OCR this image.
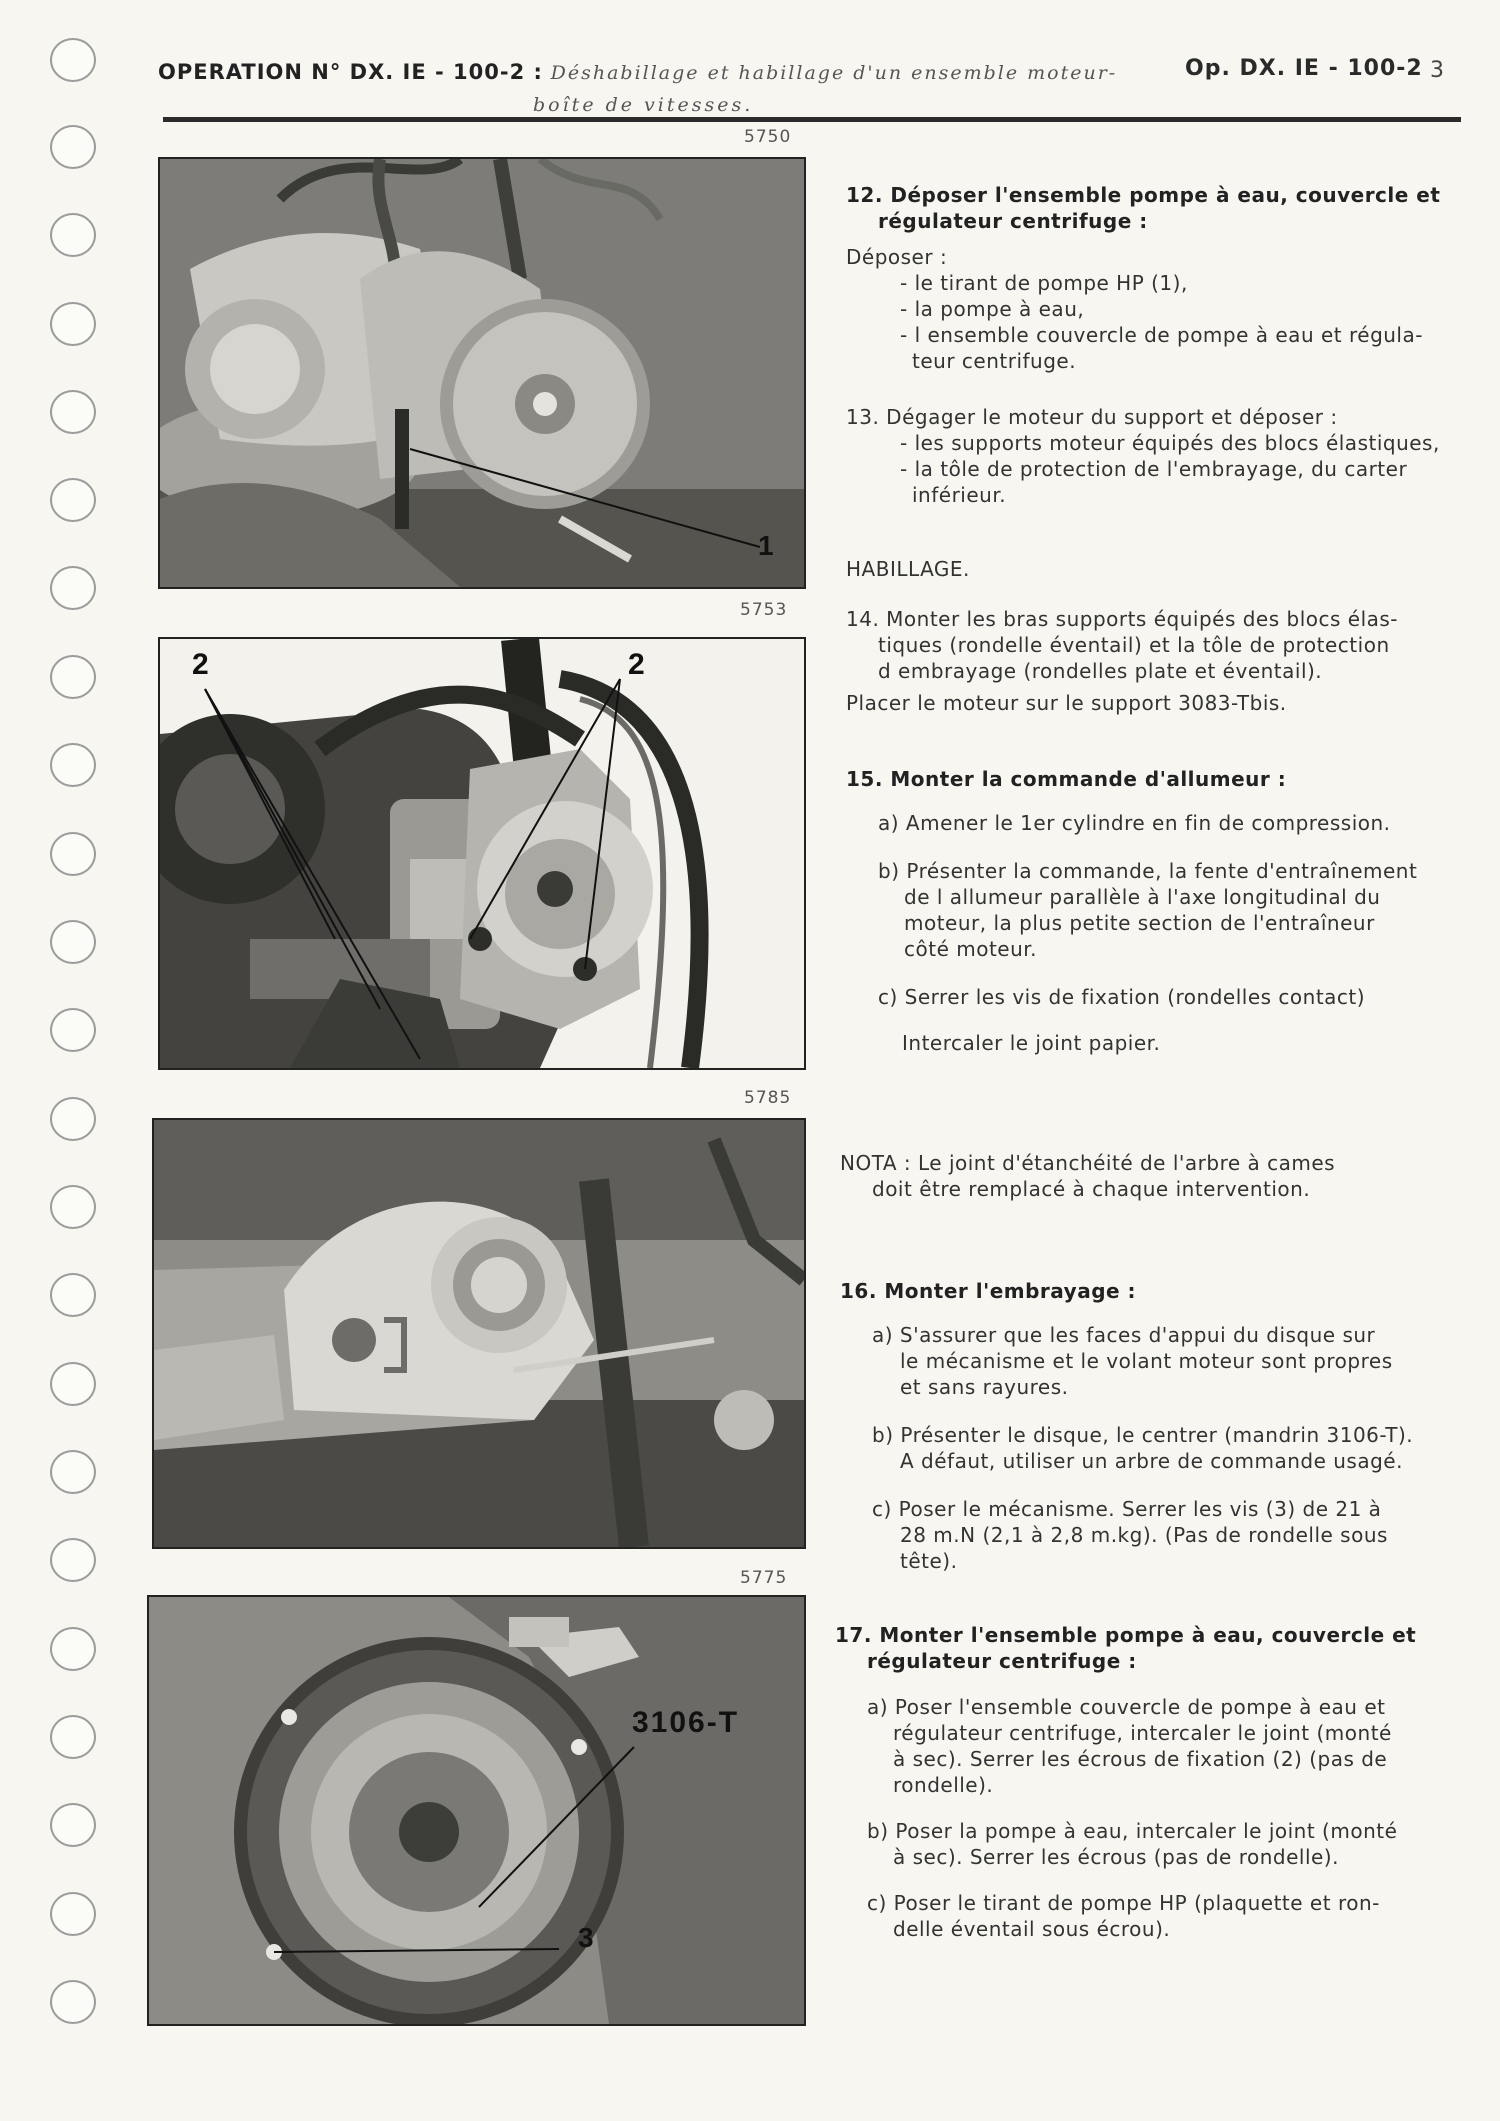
OPERATION N° DX. IE - 100-2 : Déshabillage et habillage d'un ensemble moteur-
boîte de vitesses.
Op. DX. IE - 100-2 3
5750
1
5753
2	2
5785
5775
3106-T
3
12. Déposer l'ensemble pompe à eau, couvercle et
régulateur centrifuge :
Déposer :
- le tirant de pompe HP (1),
- la pompe à eau,
- l ensemble couvercle de pompe à eau et régula-
teur centrifuge.
13. Dégager le moteur du support et déposer :
- les supports moteur équipés des blocs élastiques,
- la tôle de protection de l'embrayage, du carter
inférieur.
HABILLAGE.
14. Monter les bras supports équipés des blocs élas-
tiques (rondelle éventail) et la tôle de protection
d embrayage (rondelles plate et éventail).
Placer le moteur sur le support 3083-Tbis.
15. Monter la commande d'allumeur :
a) Amener le 1er cylindre en fin de compression.
b) Présenter la commande, la fente d'entraînement
de l allumeur parallèle à l'axe longitudinal du
moteur, la plus petite section de l'entraîneur
côté moteur.
c) Serrer les vis de fixation (rondelles contact)
Intercaler le joint papier.
NOTA : Le joint d'étanchéité de l'arbre à cames
doit être remplacé à chaque intervention.
16. Monter l'embrayage :
a) S'assurer que les faces d'appui du disque sur
le mécanisme et le volant moteur sont propres
et sans rayures.
b) Présenter le disque, le centrer (mandrin 3106-T).
A défaut, utiliser un arbre de commande usagé.
c) Poser le mécanisme. Serrer les vis (3) de 21 à
28 m.N (2,1 à 2,8 m.kg). (Pas de rondelle sous
tête).
17. Monter l'ensemble pompe à eau, couvercle et
régulateur centrifuge :
a) Poser l'ensemble couvercle de pompe à eau et
régulateur centrifuge, intercaler le joint (monté
à sec). Serrer les écrous de fixation (2) (pas de
rondelle).
b) Poser la pompe à eau, intercaler le joint (monté
à sec). Serrer les écrous (pas de rondelle).
c) Poser le tirant de pompe HP (plaquette et ron-
delle éventail sous écrou).
